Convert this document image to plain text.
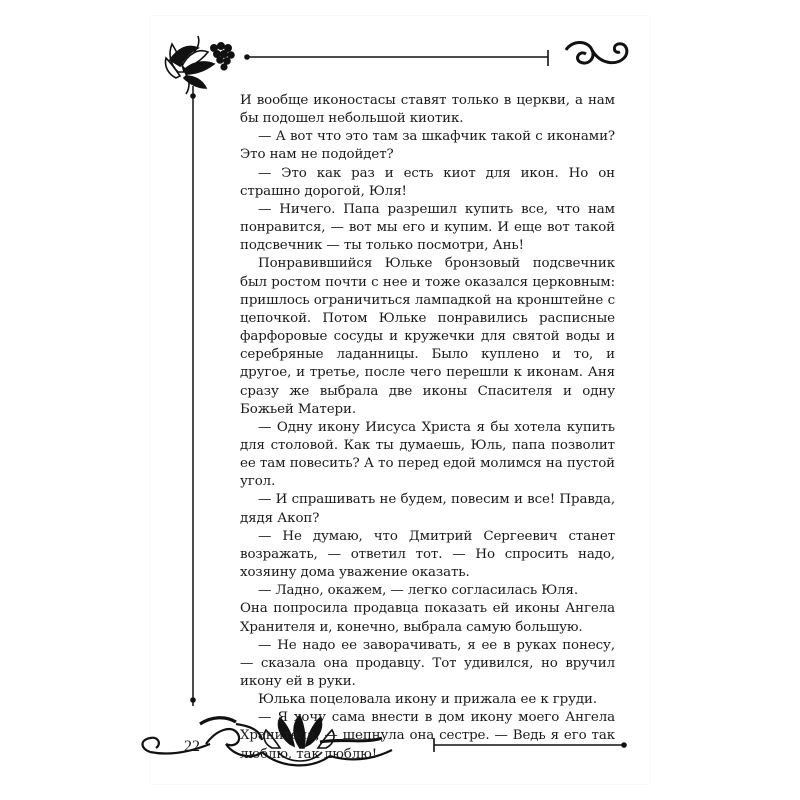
И вообще иконостасы ставят только в церкви, а нам бы подошел небольшой киотик.

— А вот что это там за шкафчик такой с иконами? Это нам не подойдет?

— Это как раз и есть киот для икон. Но он страшно дорогой, Юля!

— Ничего. Папа разрешил купить все, что нам понравится, — вот мы его и купим. И еще вот такой подсвечник — ты только посмотри, Ань!

Понравившийся Юльке бронзовый подсвечник был ростом почти с нее и тоже оказался церковным: пришлось ограничиться лампадкой на кронштейне с цепочкой. Потом Юльке понравились расписные фарфоровые сосуды и кружечки для святой воды и серебряные ладанницы. Было куплено и то, и другое, и третье, после чего перешли к иконам. Аня сразу же выбрала две иконы Спасителя и одну Божьей Матери.

— Одну икону Иисуса Христа я бы хотела купить для столовой. Как ты думаешь, Юль, папа позволит ее там повесить? А то перед едой молимся на пустой угол.

— И спрашивать не будем, повесим и все! Правда, дядя Акоп?

— Не думаю, что Дмитрий Сергеевич станет возражать, — ответил тот. — Но спросить надо, хозяину дома уважение оказать.

— Ладно, окажем, — легко согласилась Юля.

Она попросила продавца показать ей иконы Ангела Хранителя и, конечно, выбрала самую большую.

— Не надо ее заворачивать, я ее в руках понесу, — сказала она продавцу. Тот удивился, но вручил икону ей в руки.

Юлька поцеловала икону и прижала ее к груди.

— Я хочу сама внести в дом икону моего Ангела Хранителя, — шепнула она сестре. — Ведь я его так люблю, так люблю!

22
